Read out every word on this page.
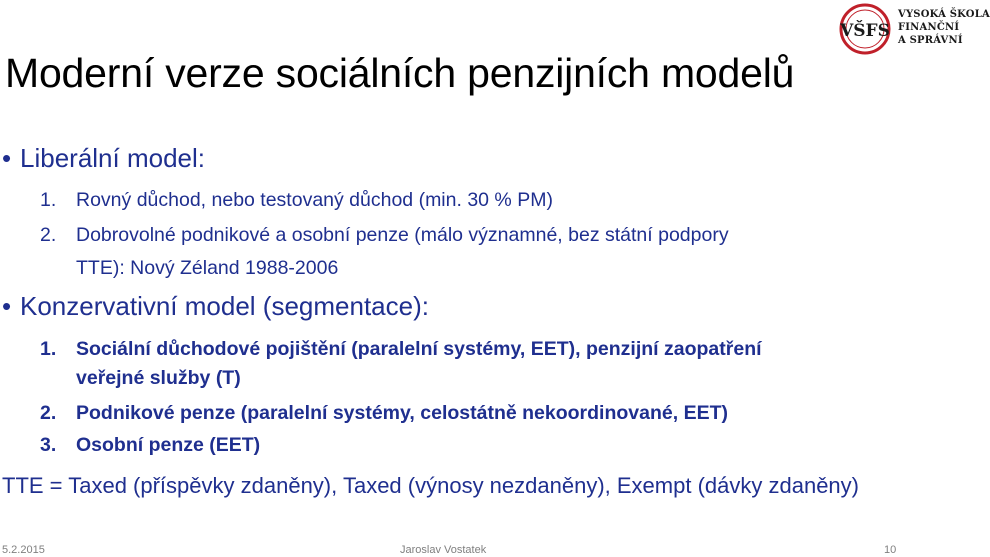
VŠFS
VYSOKÁ ŠKOLA
FINANČNÍ
A SPRÁVNÍ
Moderní verze sociálních penzijních modelů
• Liberální model:
1. Rovný důchod, nebo testovaný důchod (min. 30 % PM)
2. Dobrovolné podnikové a osobní penze (málo významné, bez státní podpory
TTE): Nový Zéland 1988-2006
• Konzervativní model (segmentace):
1. Sociální důchodové pojištění (paralelní systémy, EET), penzijní zaopatření
veřejné služby (T)
2. Podnikové penze (paralelní systémy, celostátně nekoordinované, EET)
3. Osobní penze (EET)
TTE = Taxed (příspěvky zdaněny), Taxed (výnosy nezdaněny), Exempt (dávky zdaněny)
5.2.2015	Jaroslav Vostatek	10
